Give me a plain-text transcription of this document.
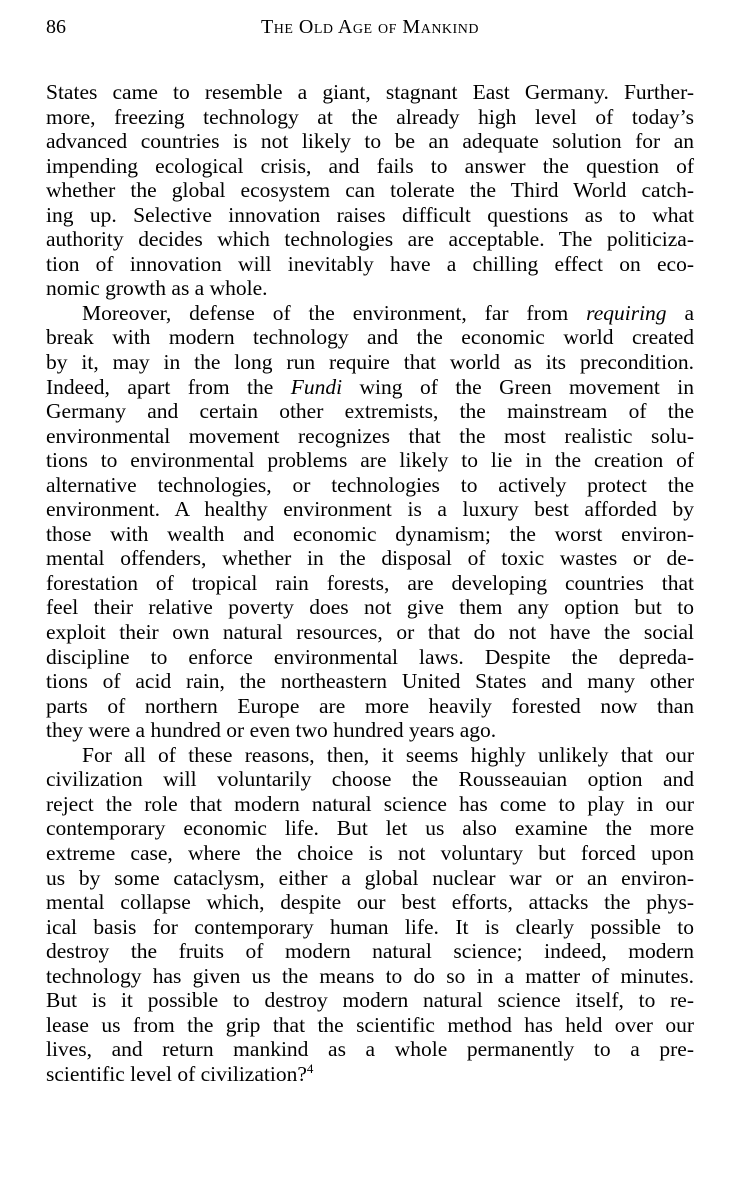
86	The Old Age of Mankind
States came to resemble a giant, stagnant East Germany. Further-
more, freezing technology at the already high level of today’s
advanced countries is not likely to be an adequate solution for an
impending ecological crisis, and fails to answer the question of
whether the global ecosystem can tolerate the Third World catch-
ing up. Selective innovation raises difficult questions as to what
authority decides which technologies are acceptable. The politiciza-
tion of innovation will inevitably have a chilling effect on eco-
nomic growth as a whole.
Moreover, defense of the environment, far from requiring a
break with modern technology and the economic world created
by it, may in the long run require that world as its precondition.
Indeed, apart from the Fundi wing of the Green movement in
Germany and certain other extremists, the mainstream of the
environmental movement recognizes that the most realistic solu-
tions to environmental problems are likely to lie in the creation of
alternative technologies, or technologies to actively protect the
environment. A healthy environment is a luxury best afforded by
those with wealth and economic dynamism; the worst environ-
mental offenders, whether in the disposal of toxic wastes or de-
forestation of tropical rain forests, are developing countries that
feel their relative poverty does not give them any option but to
exploit their own natural resources, or that do not have the social
discipline to enforce environmental laws. Despite the depreda-
tions of acid rain, the northeastern United States and many other
parts of northern Europe are more heavily forested now than
they were a hundred or even two hundred years ago.
For all of these reasons, then, it seems highly unlikely that our
civilization will voluntarily choose the Rousseauian option and
reject the role that modern natural science has come to play in our
contemporary economic life. But let us also examine the more
extreme case, where the choice is not voluntary but forced upon
us by some cataclysm, either a global nuclear war or an environ-
mental collapse which, despite our best efforts, attacks the phys-
ical basis for contemporary human life. It is clearly possible to
destroy the fruits of modern natural science; indeed, modern
technology has given us the means to do so in a matter of minutes.
But is it possible to destroy modern natural science itself, to re-
lease us from the grip that the scientific method has held over our
lives, and return mankind as a whole permanently to a pre-
scientific level of civilization?$^4$
